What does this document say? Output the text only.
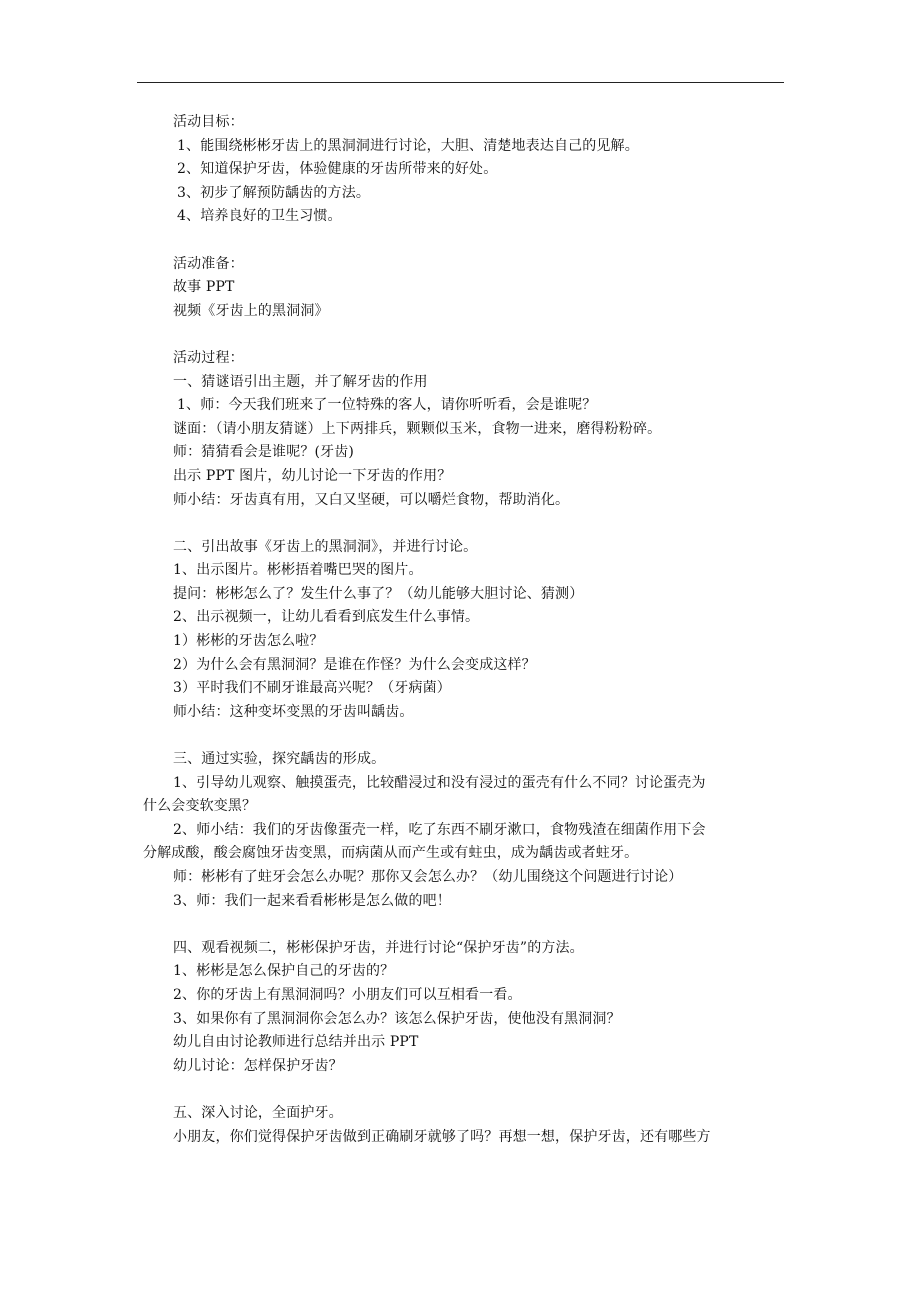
活动目标：
1、能围绕彬彬牙齿上的黑洞洞进行讨论，大胆、清楚地表达自己的见解。
2、知道保护牙齿，体验健康的牙齿所带来的好处。
3、初步了解预防龋齿的方法。
4、培养良好的卫生习惯。
活动准备：
故事 PPT
视频《牙齿上的黑洞洞》
活动过程：
一、猜谜语引出主题，并了解牙齿的作用
1、师：今天我们班来了一位特殊的客人，请你听听看，会是谁呢？
谜面：（请小朋友猜谜）上下两排兵，颗颗似玉米，食物一进来，磨得粉粉碎。
师：猜猜看会是谁呢？(牙齿)
出示 PPT 图片，幼儿讨论一下牙齿的作用？
师小结：牙齿真有用，又白又坚硬，可以嚼烂食物，帮助消化。
二、引出故事《牙齿上的黑洞洞》，并进行讨论。
1、出示图片。彬彬捂着嘴巴哭的图片。
提问：彬彬怎么了？发生什么事了？（幼儿能够大胆讨论、猜测）
2、出示视频一，让幼儿看看到底发生什么事情。
1）彬彬的牙齿怎么啦？
2）为什么会有黑洞洞？是谁在作怪？为什么会变成这样？
3）平时我们不刷牙谁最高兴呢？（牙病菌）
师小结：这种变坏变黑的牙齿叫龋齿。
三、通过实验，探究龋齿的形成。
1、引导幼儿观察、触摸蛋壳，比较醋浸过和没有浸过的蛋壳有什么不同？讨论蛋壳为
什么会变软变黑？
2、师小结：我们的牙齿像蛋壳一样，吃了东西不刷牙漱口，食物残渣在细菌作用下会
分解成酸，酸会腐蚀牙齿变黑，而病菌从而产生或有蛀虫，成为龋齿或者蛀牙。
师：彬彬有了蛀牙会怎么办呢？那你又会怎么办？（幼儿围绕这个问题进行讨论）
3、师：我们一起来看看彬彬是怎么做的吧！
四、观看视频二，彬彬保护牙齿，并进行讨论“保护牙齿”的方法。
1、彬彬是怎么保护自己的牙齿的？
2、你的牙齿上有黑洞洞吗？小朋友们可以互相看一看。
3、如果你有了黑洞洞你会怎么办？该怎么保护牙齿，使他没有黑洞洞？
幼儿自由讨论教师进行总结并出示 PPT
幼儿讨论：怎样保护牙齿？
五、深入讨论，全面护牙。
小朋友，你们觉得保护牙齿做到正确刷牙就够了吗？再想一想，保护牙齿，还有哪些方
